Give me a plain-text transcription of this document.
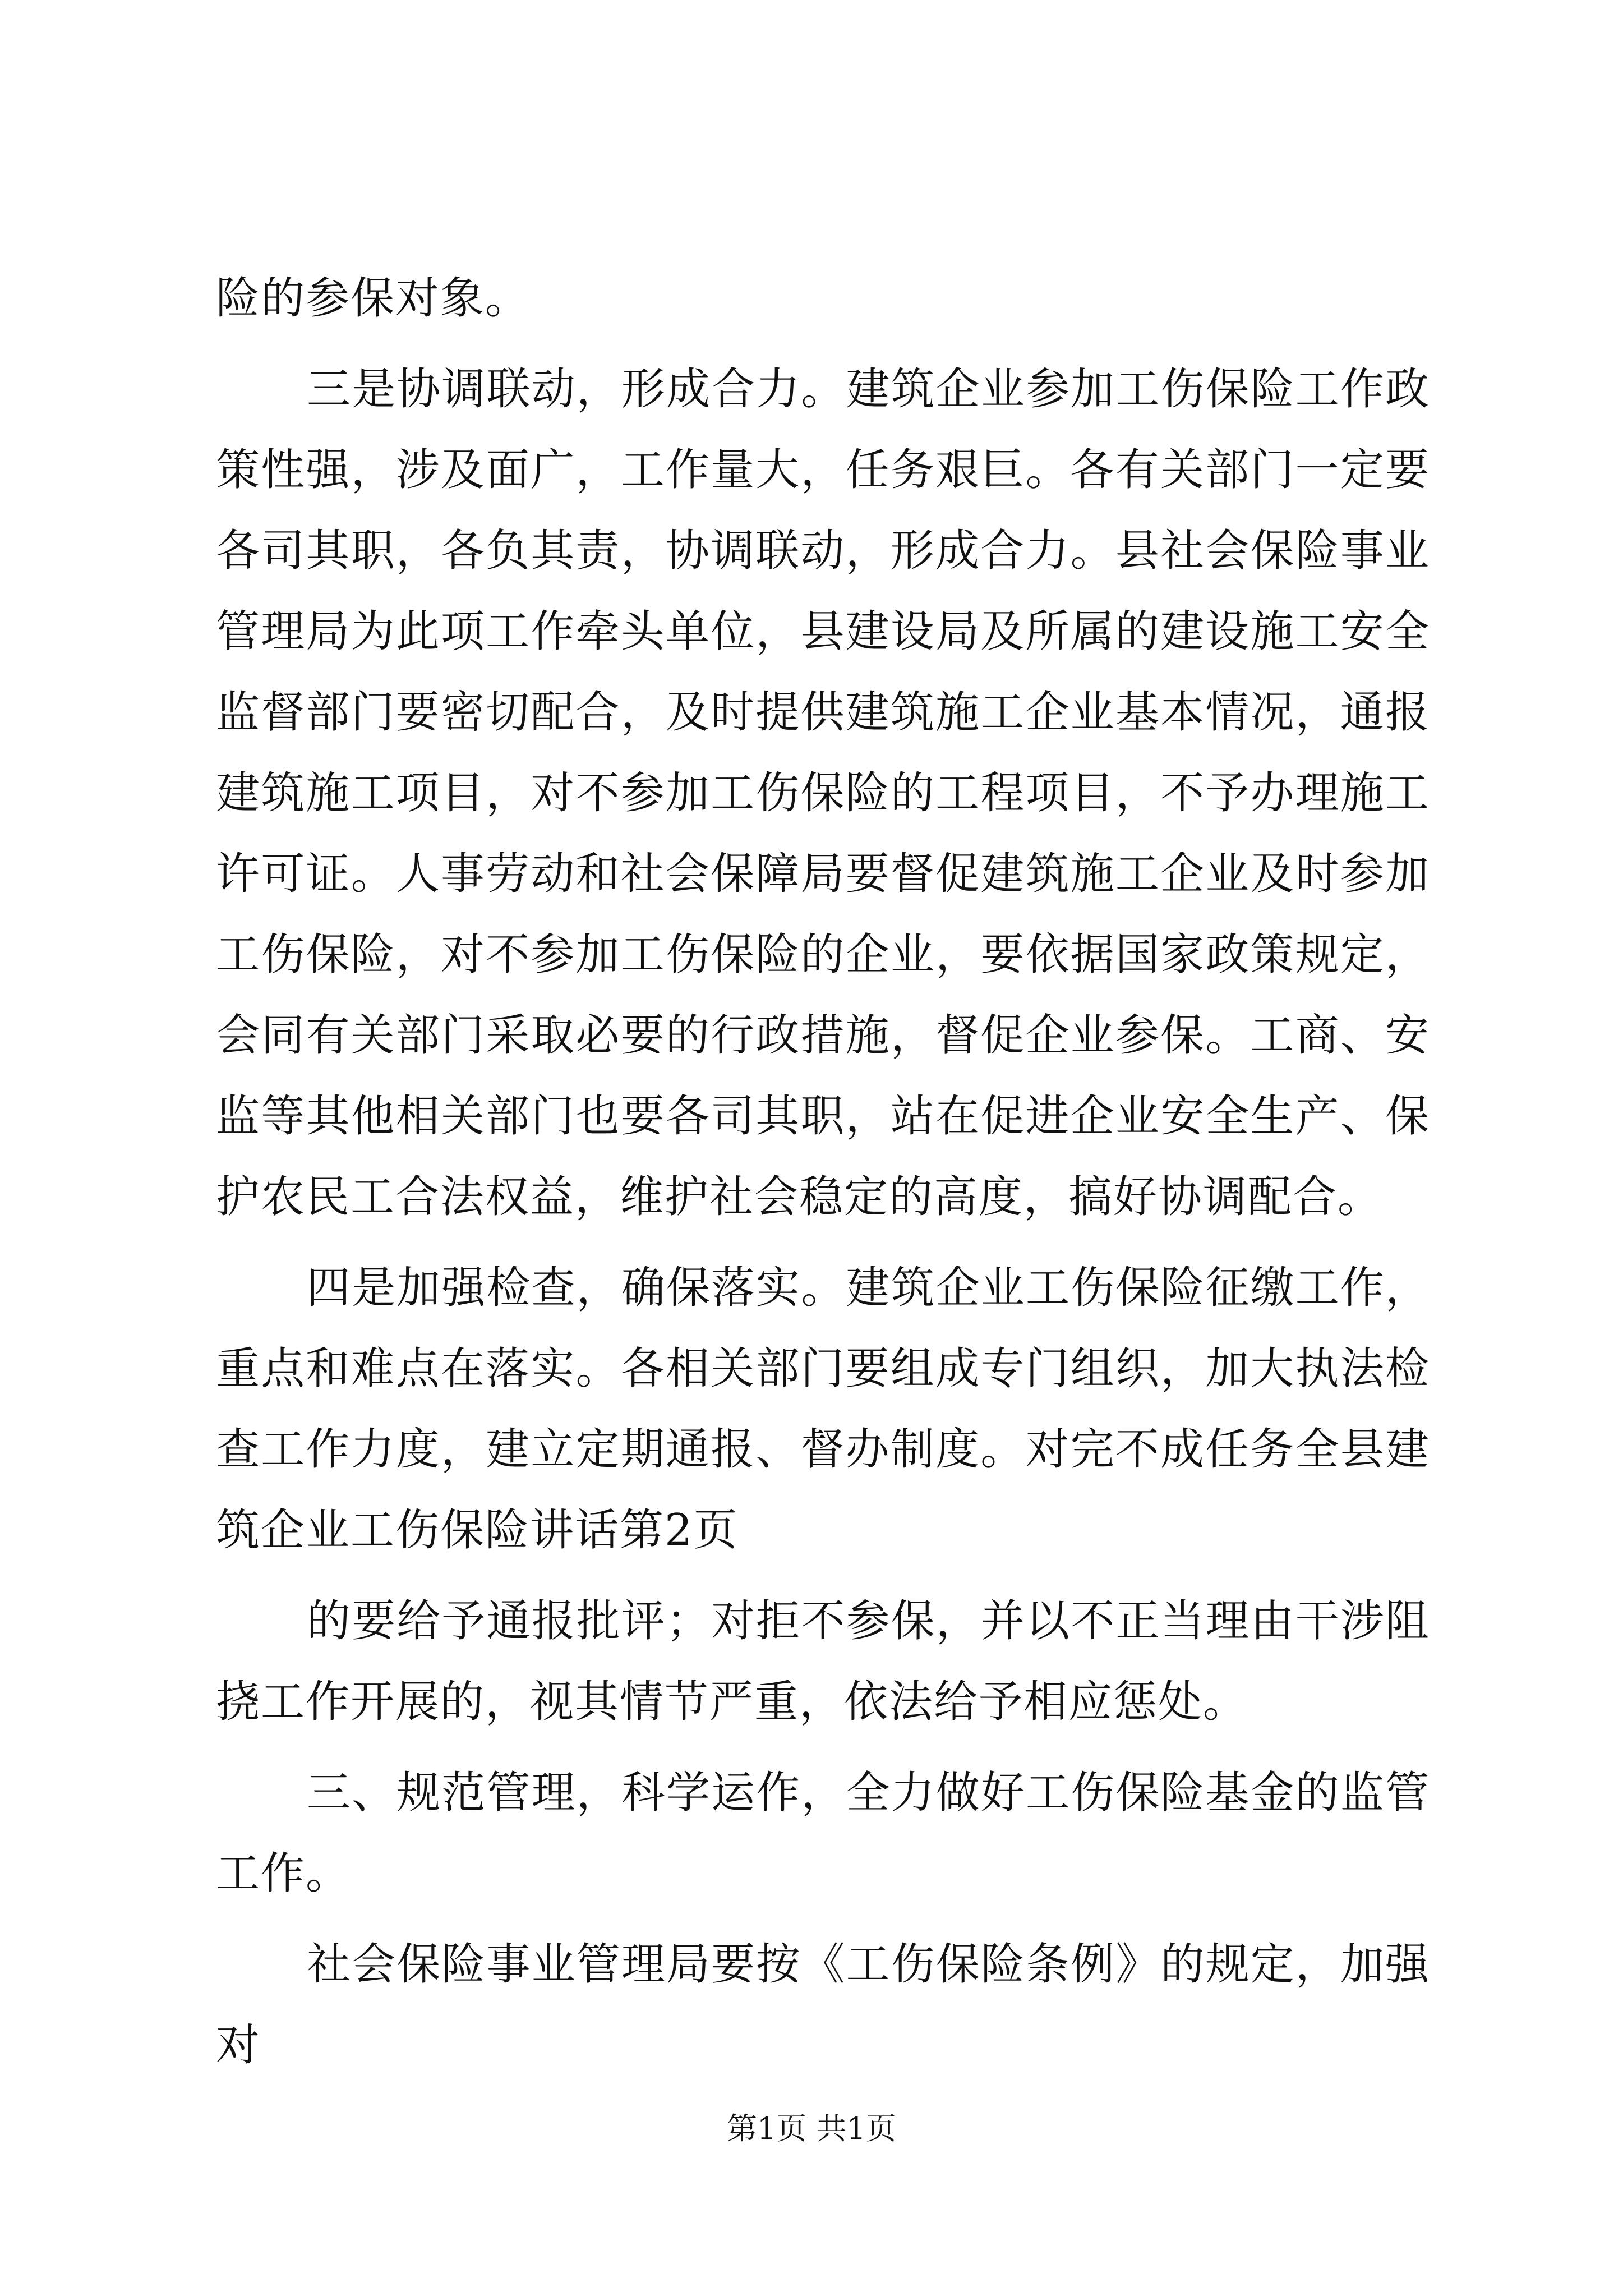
险的参保对象。

三是协调联动，形成合力。建筑企业参加工伤保险工作政策性强，涉及面广，工作量大，任务艰巨。各有关部门一定要各司其职，各负其责，协调联动，形成合力。县社会保险事业管理局为此项工作牵头单位，县建设局及所属的建设施工安全监督部门要密切配合，及时提供建筑施工企业基本情况，通报建筑施工项目，对不参加工伤保险的工程项目，不予办理施工许可证。人事劳动和社会保障局要督促建筑施工企业及时参加工伤保险，对不参加工伤保险的企业，要依据国家政策规定，会同有关部门采取必要的行政措施，督促企业参保。工商、安监等其他相关部门也要各司其职，站在促进企业安全生产、保护农民工合法权益，维护社会稳定的高度，搞好协调配合。

四是加强检查，确保落实。建筑企业工伤保险征缴工作，重点和难点在落实。各相关部门要组成专门组织，加大执法检查工作力度，建立定期通报、督办制度。对完不成任务全县建筑企业工伤保险讲话第2页

的要给予通报批评；对拒不参保，并以不正当理由干涉阻挠工作开展的，视其情节严重，依法给予相应惩处。

三、规范管理，科学运作，全力做好工伤保险基金的监管工作。

社会保险事业管理局要按《工伤保险条例》的规定，加强对

第1页 共1页
